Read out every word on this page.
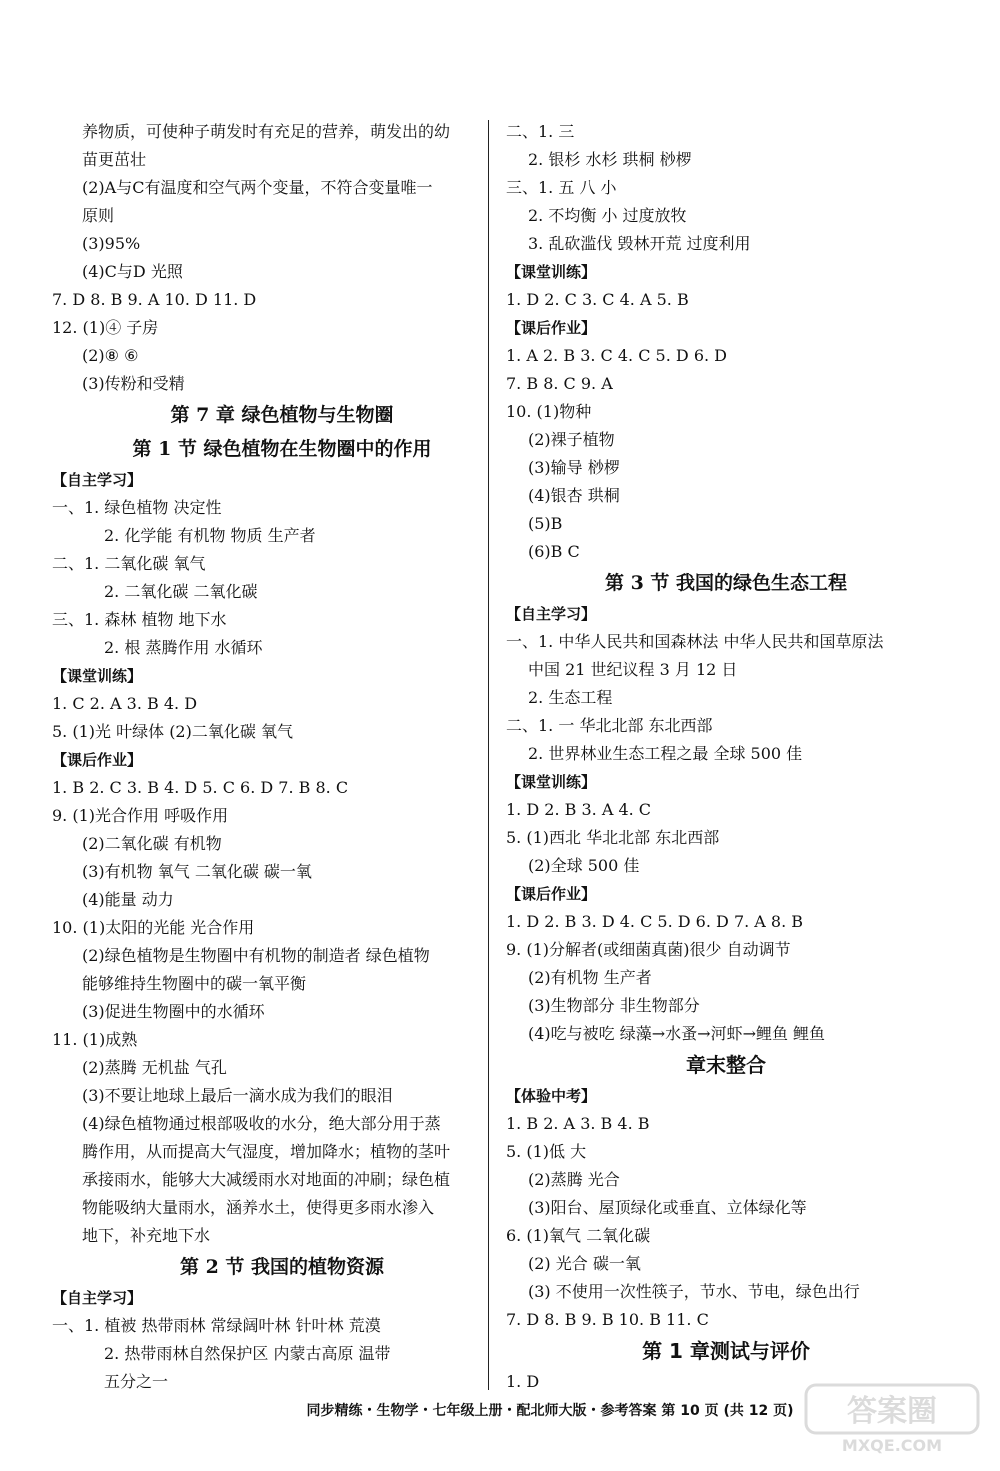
养物质，可使种子萌发时有充足的营养，萌发出的幼
苗更茁壮
(2)A与C有温度和空气两个变量，不符合变量唯一
原则
(3)95%
(4)C与D 光照
7. D 8. B 9. A 10. D 11. D
12. (1)④ 子房
(2)⑧ ⑥
(3)传粉和受精
第 7 章 绿色植物与生物圈
第 1 节 绿色植物在生物圈中的作用
【自主学习】
一、1. 绿色植物 决定性
2. 化学能 有机物 物质 生产者
二、1. 二氧化碳 氧气
2. 二氧化碳 二氧化碳
三、1. 森林 植物 地下水
2. 根 蒸腾作用 水循环
【课堂训练】
1. C 2. A 3. B 4. D
5. (1)光 叶绿体 (2)二氧化碳 氧气
【课后作业】
1. B 2. C 3. B 4. D 5. C 6. D 7. B 8. C
9. (1)光合作用 呼吸作用
(2)二氧化碳 有机物
(3)有机物 氧气 二氧化碳 碳一氧
(4)能量 动力
10. (1)太阳的光能 光合作用
(2)绿色植物是生物圈中有机物的制造者 绿色植物
能够维持生物圈中的碳一氧平衡
(3)促进生物圈中的水循环
11. (1)成熟
(2)蒸腾 无机盐 气孔
(3)不要让地球上最后一滴水成为我们的眼泪
(4)绿色植物通过根部吸收的水分，绝大部分用于蒸
腾作用，从而提高大气湿度，增加降水；植物的茎叶
承接雨水，能够大大减缓雨水对地面的冲刷；绿色植
物能吸纳大量雨水，涵养水土，使得更多雨水渗入
地下，补充地下水
第 2 节 我国的植物资源
【自主学习】
一、1. 植被 热带雨林 常绿阔叶林 针叶林 荒漠
2. 热带雨林自然保护区 内蒙古高原 温带
五分之一
二、1. 三
2. 银杉 水杉 珙桐 桫椤
三、1. 五 八 小
2. 不均衡 小 过度放牧
3. 乱砍滥伐 毁林开荒 过度利用
【课堂训练】
1. D 2. C 3. C 4. A 5. B
【课后作业】
1. A 2. B 3. C 4. C 5. D 6. D
7. B 8. C 9. A
10. (1)物种
(2)裸子植物
(3)输导 桫椤
(4)银杏 珙桐
(5)B
(6)B C
第 3 节 我国的绿色生态工程
【自主学习】
一、1. 中华人民共和国森林法 中华人民共和国草原法
中国 21 世纪议程 3 月 12 日
2. 生态工程
二、1. 一 华北北部 东北西部
2. 世界林业生态工程之最 全球 500 佳
【课堂训练】
1. D 2. B 3. A 4. C
5. (1)西北 华北北部 东北西部
(2)全球 500 佳
【课后作业】
1. D 2. B 3. D 4. C 5. D 6. D 7. A 8. B
9. (1)分解者(或细菌真菌)很少 自动调节
(2)有机物 生产者
(3)生物部分 非生物部分
(4)吃与被吃 绿藻→水蚤→河虾→鲤鱼 鲤鱼
章末整合
【体验中考】
1. B 2. A 3. B 4. B
5. (1)低 大
(2)蒸腾 光合
(3)阳台、屋顶绿化或垂直、立体绿化等
6. (1)氧气 二氧化碳
(2) 光合 碳一氧
(3) 不使用一次性筷子，节水、节电，绿色出行
7. D 8. B 9. B 10. B 11. C
第 1 章测试与评价
1. D
同步精练・生物学・七年级上册・配北师大版・参考答案 第 10 页 (共 12 页) 答案圈
MXQE.COM
